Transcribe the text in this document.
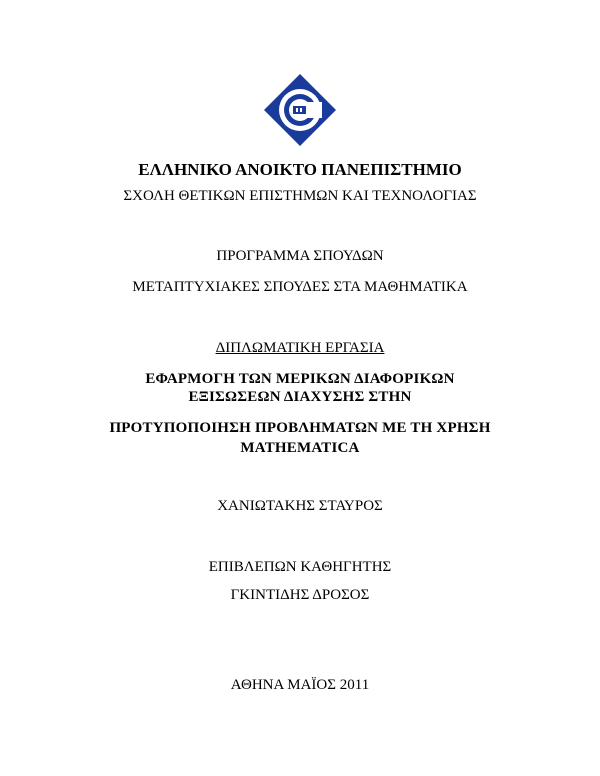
ΕΛΛΗΝΙΚΟ ΑΝΟΙΚΤΟ ΠΑΝΕΠΙΣΤΗΜΙΟ
ΣΧΟΛΗ ΘΕΤΙΚΩΝ ΕΠΙΣΤΗΜΩΝ ΚΑΙ ΤΕΧΝΟΛΟΓΙΑΣ
ΠΡΟΓΡΑΜΜΑ ΣΠΟΥΔΩΝ
ΜΕΤΑΠΤΥΧΙΑΚΕΣ ΣΠΟΥΔΕΣ ΣΤΑ ΜΑΘΗΜΑΤΙΚΑ
ΔΙΠΛΩΜΑΤΙΚΗ ΕΡΓΑΣΙΑ
ΕΦΑΡΜΟΓΗ ΤΩΝ ΜΕΡΙΚΩΝ ΔΙΑΦΟΡΙΚΩΝ
ΕΞΙΣΩΣΕΩΝ ΔΙΑΧΥΣΗΣ ΣΤΗΝ
ΠΡΟΤΥΠΟΠΟΙΗΣΗ ΠΡΟΒΛΗΜΑΤΩΝ ΜΕ ΤΗ ΧΡΗΣΗ
MATHEMATICA
ΧΑΝΙΩΤΑΚΗΣ ΣΤΑΥΡΟΣ
ΕΠΙΒΛΕΠΩΝ ΚΑΘΗΓΗΤΗΣ
ΓΚΙΝΤΙΔΗΣ ΔΡΟΣΟΣ
ΑΘΗΝΑ ΜΑΪΟΣ 2011
